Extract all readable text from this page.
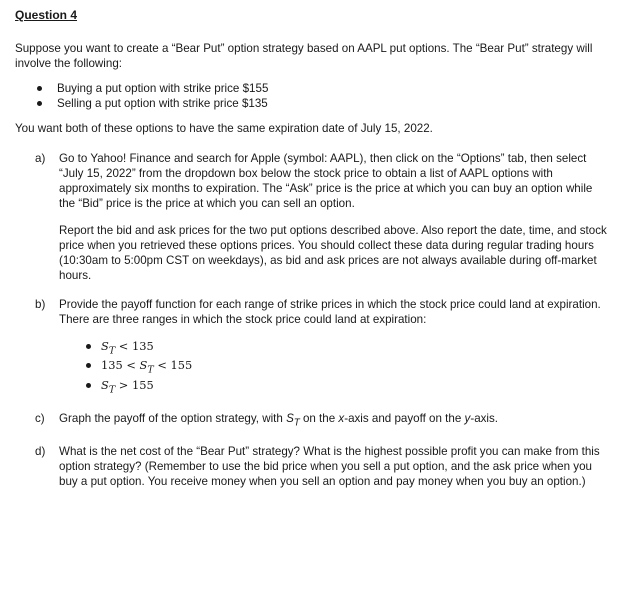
Question 4

Suppose you want to create a “Bear Put” option strategy based on AAPL put options. The “Bear Put” strategy will involve the following:

Buying a put option with strike price $155
Selling a put option with strike price $135

You want both of these options to have the same expiration date of July 15, 2022.

a) Go to Yahoo! Finance and search for Apple (symbol: AAPL), then click on the “Options” tab, then select “July 15, 2022” from the dropdown box below the stock price to obtain a list of AAPL options with approximately six months to expiration. The “Ask” price is the price at which you can buy an option while the “Bid” price is the price at which you can sell an option.

Report the bid and ask prices for the two put options described above. Also report the date, time, and stock price when you retrieved these options prices. You should collect these data during regular trading hours (10:30am to 5:00pm CST on weekdays), as bid and ask prices are not always available during off-market hours.

b) Provide the payoff function for each range of strike prices in which the stock price could land at expiration. There are three ranges in which the stock price could land at expiration:

$S_T < 135$
$135 < S_T < 155$
$S_T > 155$
c) Graph the payoff of the option strategy, with $S_T$ on the x-axis and payoff on the y-axis.

d) What is the net cost of the “Bear Put” strategy? What is the highest possible profit you can make from this option strategy? (Remember to use the bid price when you sell a put option, and the ask price when you buy a put option. You receive money when you sell an option and pay money when you buy an option.)
